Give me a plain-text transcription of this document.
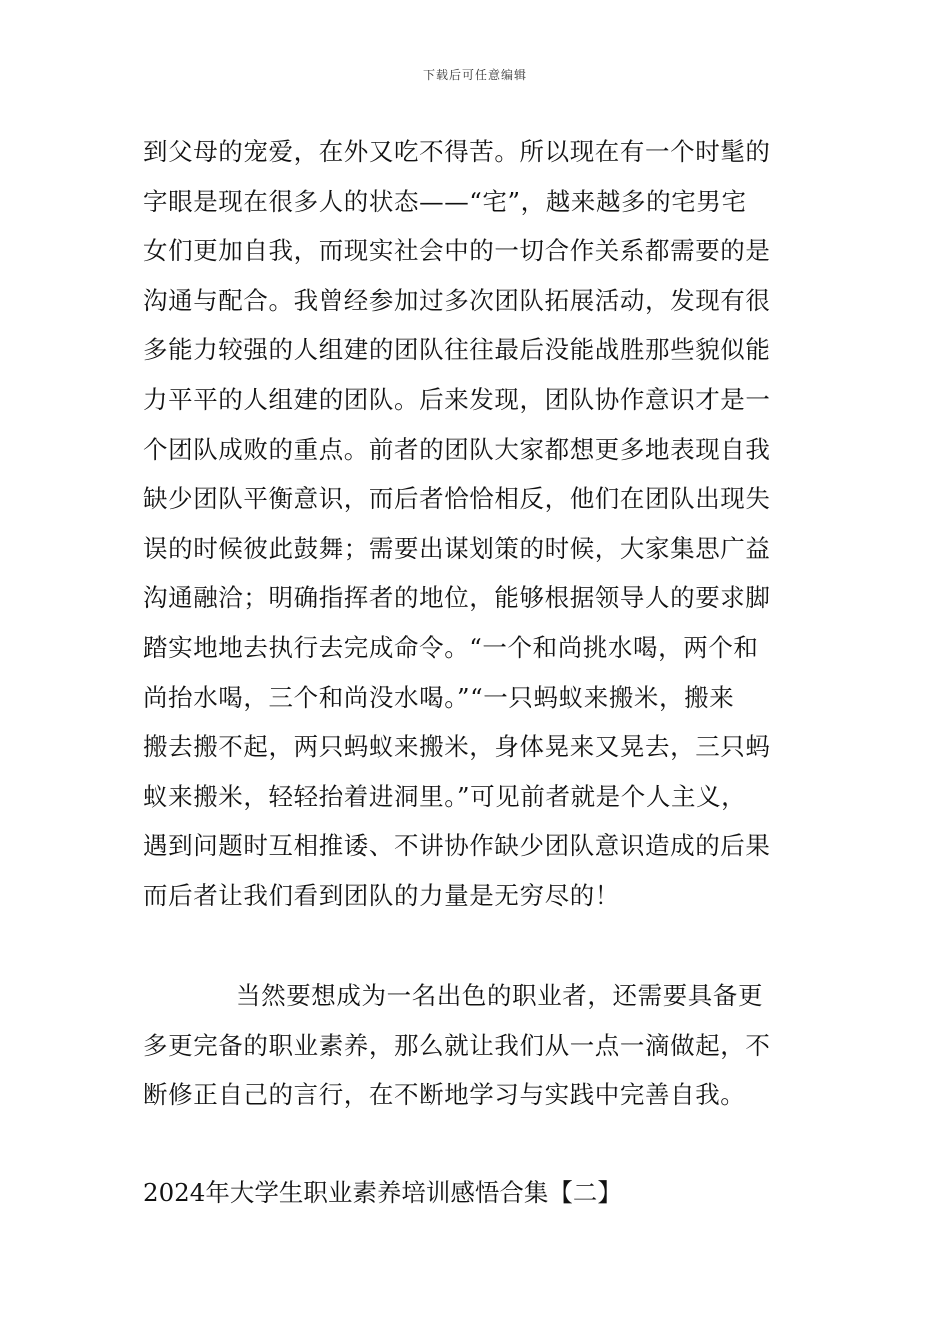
下载后可任意编辑
到父母的宠爱，在外又吃不得苦。所以现在有一个时髦的
字眼是现在很多人的状态——“宅”，越来越多的宅男宅
女们更加自我，而现实社会中的一切合作关系都需要的是
沟通与配合。我曾经参加过多次团队拓展活动，发现有很
多能力较强的人组建的团队往往最后没能战胜那些貌似能
力平平的人组建的团队。后来发现，团队协作意识才是一
个团队成败的重点。前者的团队大家都想更多地表现自我
缺少团队平衡意识，而后者恰恰相反，他们在团队出现失
误的时候彼此鼓舞；需要出谋划策的时候，大家集思广益
沟通融洽；明确指挥者的地位，能够根据领导人的要求脚
踏实地地去执行去完成命令。“一个和尚挑水喝，两个和
尚抬水喝，三个和尚没水喝。”“一只蚂蚁来搬米，搬来
搬去搬不起，两只蚂蚁来搬米，身体晃来又晃去，三只蚂
蚁来搬米，轻轻抬着进洞里。”可见前者就是个人主义，
遇到问题时互相推诿、不讲协作缺少团队意识造成的后果
而后者让我们看到团队的力量是无穷尽的！
当然要想成为一名出色的职业者，还需要具备更
多更完备的职业素养，那么就让我们从一点一滴做起，不
断修正自己的言行，在不断地学习与实践中完善自我。
2024年大学生职业素养培训感悟合集【二】
